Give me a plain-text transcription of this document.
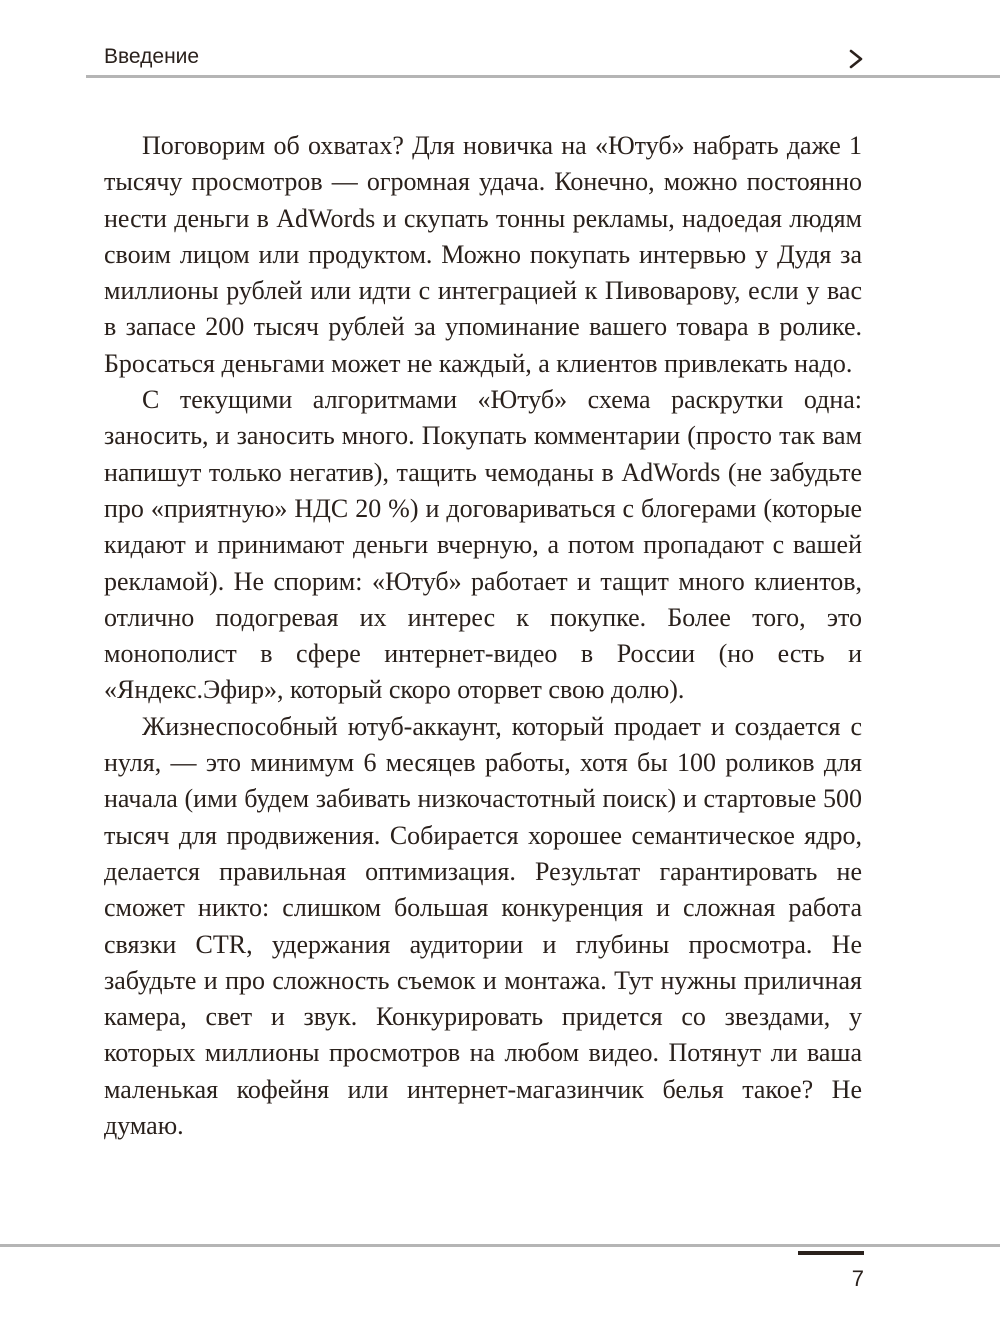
Введение

Поговорим об охватах? Для новичка на «Ютуб» набрать даже 1 тысячу просмотров — огромная удача. Конечно, можно постоянно нести деньги в AdWords и скупать тонны рекламы, надоедая людям своим лицом или продуктом. Можно покупать интервью у Дудя за миллионы рублей или идти с интеграцией к Пивоварову, если у вас в запасе 200 тысяч рублей за упоминание вашего товара в ролике. Бросаться деньгами может не каждый, а клиентов привлекать надо.

С текущими алгоритмами «Ютуб» схема раскрутки одна: заносить, и заносить много. Покупать комментарии (просто так вам напишут только негатив), тащить чемоданы в AdWords (не забудьте про «приятную» НДС 20 %) и договариваться с блогерами (которые кидают и принимают деньги вчерную, а потом пропадают с вашей рекламой). Не спорим: «Ютуб» работает и тащит много клиентов, отлично подогревая их интерес к покупке. Более того, это монополист в сфере интернет-видео в России (но есть и «Яндекс.Эфир», который скоро оторвет свою долю).

Жизнеспособный ютуб-аккаунт, который продает и создается с нуля, — это минимум 6 месяцев работы, хотя бы 100 роликов для начала (ими будем забивать низкочастотный поиск) и стартовые 500 тысяч для продвижения. Собирается хорошее семантическое ядро, делается правильная оптимизация. Результат гарантировать не сможет никто: слишком большая конкуренция и сложная работа связки CTR, удержания аудитории и глубины просмотра. Не забудьте и про сложность съемок и монтажа. Тут нужны приличная камера, свет и звук. Конкурировать придется со звездами, у которых миллионы просмотров на любом видео. Потянут ли ваша маленькая кофейня или интернет-магазинчик белья такое? Не думаю.

7
